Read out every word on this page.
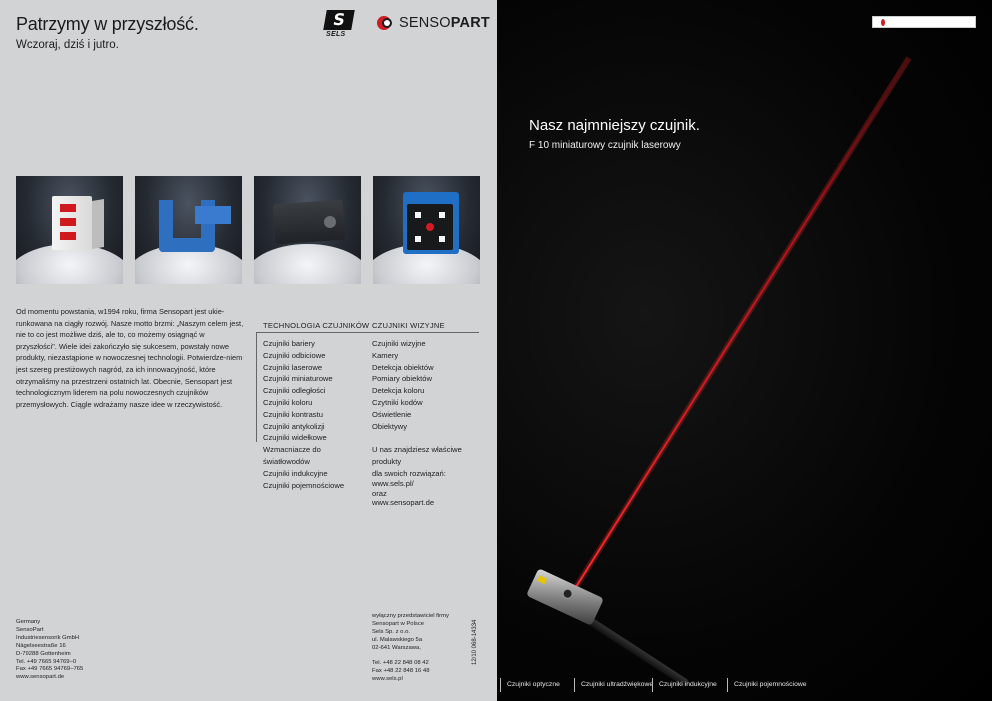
Patrzymy w przyszłość.
Wczoraj, dziś i jutro.
S
SELS
SENSOPART

Od momentu powstania, w1994 roku, firma Sensopart jest ukie-runkowana na ciągły rozwój. Nasze motto brzmi: „Naszym celem jest, nie to co jest możliwe dziś, ale to, co możemy osiągnąć w przyszłości". Wiele idei zakończyło się sukcesem, powstały nowe produkty, niezastąpione w nowoczesnej technologii. Potwierdze-niem jest szereg prestiżowych nagród, za ich innowacyjność, które otrzymaliśmy na przestrzeni ostatnich lat. Obecnie, Sensopart jest technologicznym liderem na polu nowoczesnych czujników przemysłowych. Ciągle wdrażamy nasze idee w rzeczywistość.

TECHNOLOGIA CZUJNIKÓW CZUJNIKI WIZYJNE
Czujniki bariery
Czujniki odbiciowe
Czujniki laserowe
Czujniki miniaturowe
Czujniki odległości
Czujniki koloru
Czujniki kontrastu
Czujniki antykolizji
Czujniki widełkowe
Wzmacniacze do
światłowodów
Czujniki indukcyjne
Czujniki pojemnościowe
Czujniki wizyjne
Kamery
Detekcja obiektów
Pomiary obiektów
Detekcja koloru
Czytniki kodów
Oświetlenie
Obiektywy
U nas znajdziesz właściwe
produkty
dla swoich rozwiązań:
www.sels.pl/
oraz
www.sensopart.de
Germany
SensoPart
Industriesensorik GmbH
Nägelseestraße 16
D-79288 Gottenheim
Tel. +49 7665 94769–0
Fax +49 7665 94769–765
www.sensopart.de
wyłączny przedstawiciel firmy
Sensopart w Polsce
Sels Sp. z o.o.
ul. Malawskiego 5a
02-641 Warszawa,
Tel. +48 22 848 08 42
Fax +48 22 848 16 48
www.sels.pl
12/10 068-14334
Nasz najmniejszy czujnik.
F 10 miniaturowy czujnik laserowy
Czujniki optyczne	Czujniki ultradźwiękowe Czujniki indukcyjne	Czujniki pojemnościowe
